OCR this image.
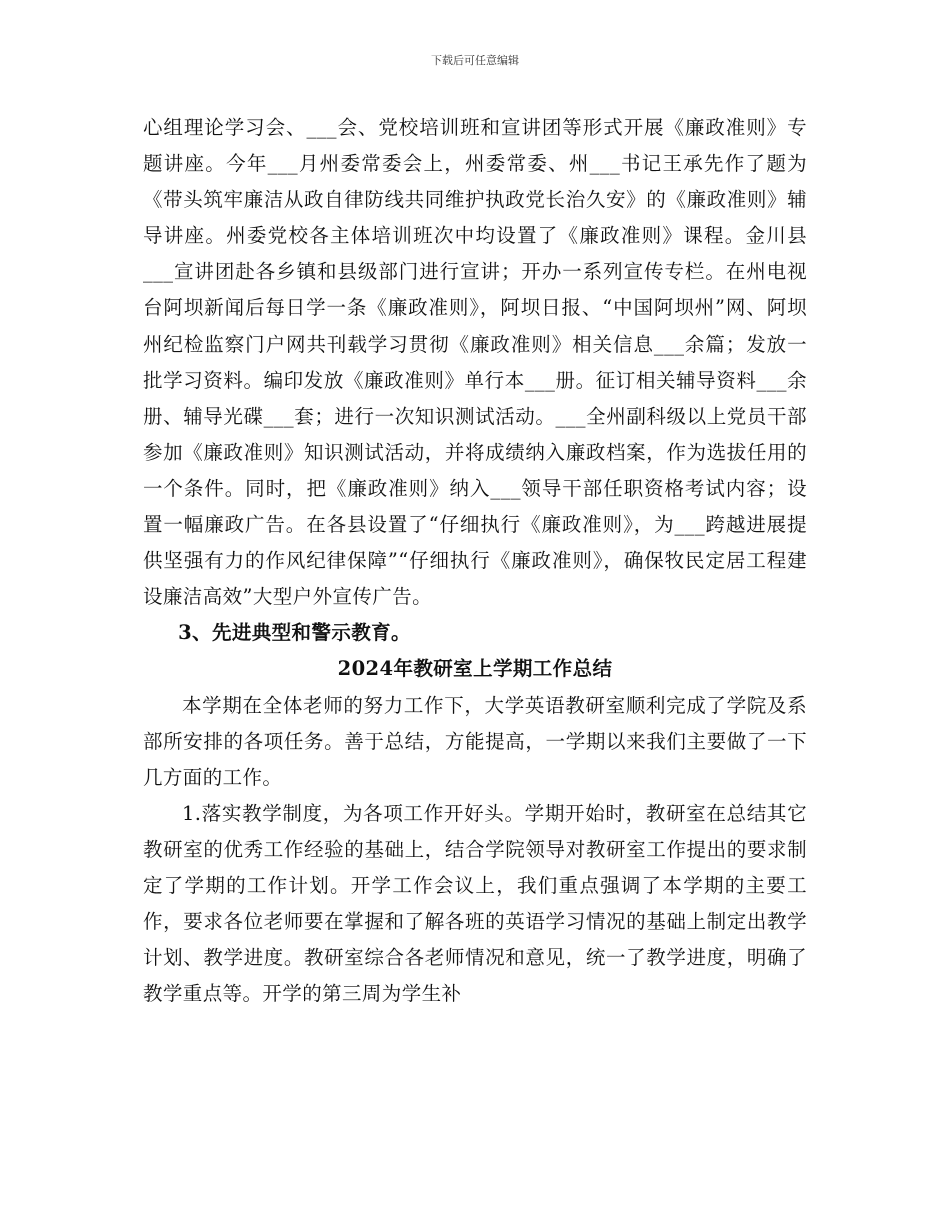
下载后可任意编辑

心组理论学习会、___会、党校培训班和宣讲团等形式开展《廉政准则》专题讲座。今年___月州委常委会上，州委常委、州___书记王承先作了题为《带头筑牢廉洁从政自律防线共同维护执政党长治久安》的《廉政准则》辅导讲座。州委党校各主体培训班次中均设置了《廉政准则》课程。金川县___宣讲团赴各乡镇和县级部门进行宣讲；开办一系列宣传专栏。在州电视台阿坝新闻后每日学一条《廉政准则》，阿坝日报、“中国阿坝州”网、阿坝州纪检监察门户网共刊载学习贯彻《廉政准则》相关信息___余篇；发放一批学习资料。编印发放《廉政准则》单行本___册。征订相关辅导资料___余册、辅导光碟___套；进行一次知识测试活动。___全州副科级以上党员干部参加《廉政准则》知识测试活动，并将成绩纳入廉政档案，作为选拔任用的一个条件。同时，把《廉政准则》纳入___领导干部任职资格考试内容；设置一幅廉政广告。在各县设置了“仔细执行《廉政准则》，为___跨越进展提供坚强有力的作风纪律保障”“仔细执行《廉政准则》，确保牧民定居工程建设廉洁高效”大型户外宣传广告。

3、先进典型和警示教育。

2024年教研室上学期工作总结

本学期在全体老师的努力工作下，大学英语教研室顺利完成了学院及系部所安排的各项任务。善于总结，方能提高，一学期以来我们主要做了一下几方面的工作。

1.落实教学制度，为各项工作开好头。学期开始时，教研室在总结其它教研室的优秀工作经验的基础上，结合学院领导对教研室工作提出的要求制定了学期的工作计划。开学工作会议上，我们重点强调了本学期的主要工作，要求各位老师要在掌握和了解各班的英语学习情况的基础上制定出教学计划、教学进度。教研室综合各老师情况和意见，统一了教学进度，明确了教学重点等。开学的第三周为学生补
